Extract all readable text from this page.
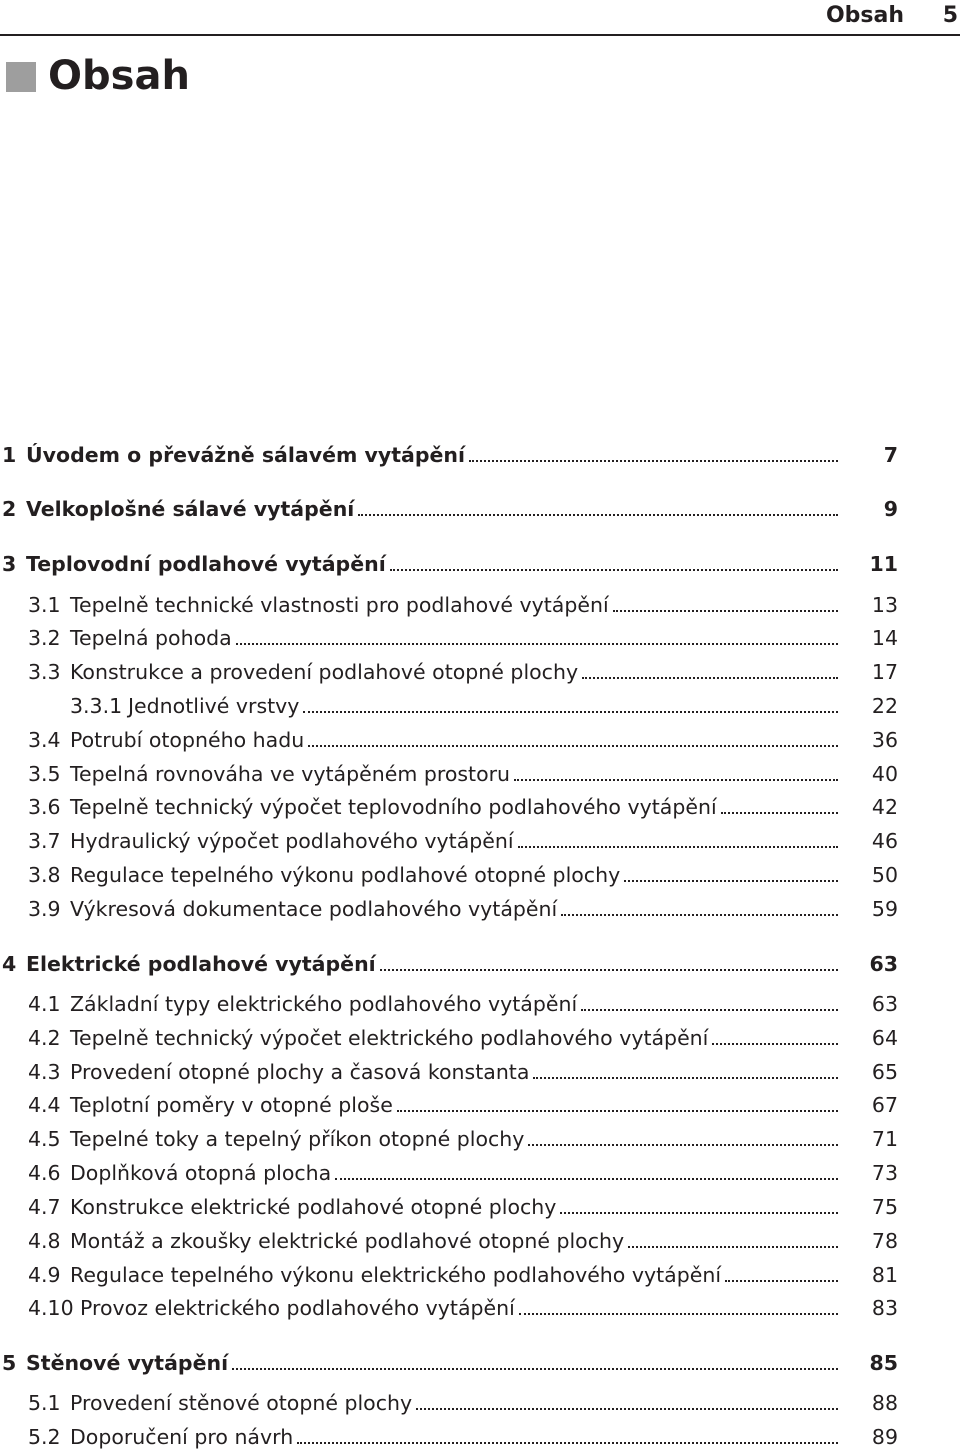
Obsah 5
Obsah
1 Úvodem o převážně sálavém vytápění	7
2 Velkoplošné sálavé vytápění	9
3 Teplovodní podlahové vytápění	11
3.1 Tepelně technické vlastnosti pro podlahové vytápění	13
3.2 Tepelná pohoda	14
3.3 Konstrukce a provedení podlahové otopné plochy	17
3.3.1 Jednotlivé vrstvy	22
3.4 Potrubí otopného hadu	36
3.5 Tepelná rovnováha ve vytápěném prostoru	40
3.6 Tepelně technický výpočet teplovodního podlahového vytápění	42
3.7 Hydraulický výpočet podlahového vytápění	46
3.8 Regulace tepelného výkonu podlahové otopné plochy	50
3.9 Výkresová dokumentace podlahového vytápění	59
4 Elektrické podlahové vytápění	63
4.1 Základní typy elektrického podlahového vytápění	63
4.2 Tepelně technický výpočet elektrického podlahového vytápění	64
4.3 Provedení otopné plochy a časová konstanta	65
4.4 Teplotní poměry v otopné ploše	67
4.5 Tepelné toky a tepelný příkon otopné plochy	71
4.6 Doplňková otopná plocha	73
4.7 Konstrukce elektrické podlahové otopné plochy	75
4.8 Montáž a zkoušky elektrické podlahové otopné plochy	78
4.9 Regulace tepelného výkonu elektrického podlahového vytápění	81
4.10 Provoz elektrického podlahového vytápění	83
5 Stěnové vytápění	85
5.1 Provedení stěnové otopné plochy	88
5.2 Doporučení pro návrh	89
